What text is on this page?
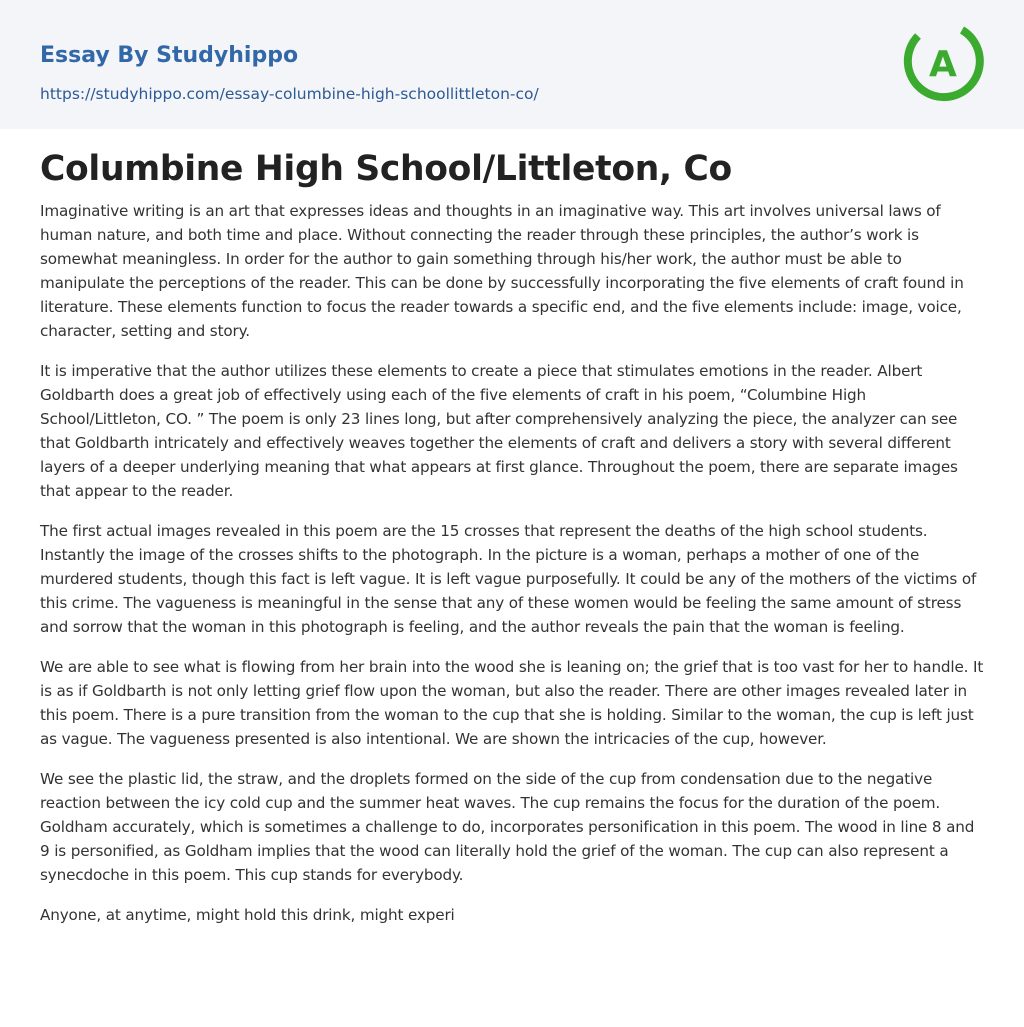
Essay By Studyhippo
https://studyhippo.com/essay-columbine-high-schoollittleton-co/
A
Columbine High School/Littleton, Co

Imaginative writing is an art that expresses ideas and thoughts in an imaginative way. This art involves universal laws of human nature, and both time and place. Without connecting the reader through these principles, the author’s work is somewhat meaningless. In order for the author to gain something through his/her work, the author must be able to manipulate the perceptions of the reader. This can be done by successfully incorporating the five elements of craft found in literature. These elements function to focus the reader towards a specific end, and the five elements include: image, voice, character, setting and story.

It is imperative that the author utilizes these elements to create a piece that stimulates emotions in the reader. Albert Goldbarth does a great job of effectively using each of the five elements of craft in his poem, “Columbine High School/Littleton, CO. ” The poem is only 23 lines long, but after comprehensively analyzing the piece, the analyzer can see that Goldbarth intricately and effectively weaves together the elements of craft and delivers a story with several different layers of a deeper underlying meaning that what appears at first glance. Throughout the poem, there are separate images that appear to the reader.

The first actual images revealed in this poem are the 15 crosses that represent the deaths of the high school students. Instantly the image of the crosses shifts to the photograph. In the picture is a woman, perhaps a mother of one of the murdered students, though this fact is left vague. It is left vague purposefully. It could be any of the mothers of the victims of this crime. The vagueness is meaningful in the sense that any of these women would be feeling the same amount of stress and sorrow that the woman in this photograph is feeling, and the author reveals the pain that the woman is feeling.

We are able to see what is flowing from her brain into the wood she is leaning on; the grief that is too vast for her to handle. It is as if Goldbarth is not only letting grief flow upon the woman, but also the reader. There are other images revealed later in this poem. There is a pure transition from the woman to the cup that she is holding. Similar to the woman, the cup is left just as vague. The vagueness presented is also intentional. We are shown the intricacies of the cup, however.

We see the plastic lid, the straw, and the droplets formed on the side of the cup from condensation due to the negative reaction between the icy cold cup and the summer heat waves. The cup remains the focus for the duration of the poem. Goldham accurately, which is sometimes a challenge to do, incorporates personification in this poem. The wood in line 8 and 9 is personified, as Goldham implies that the wood can literally hold the grief of the woman. The cup can also represent a synecdoche in this poem. This cup stands for everybody.

Anyone, at anytime, might hold this drink, might experi
